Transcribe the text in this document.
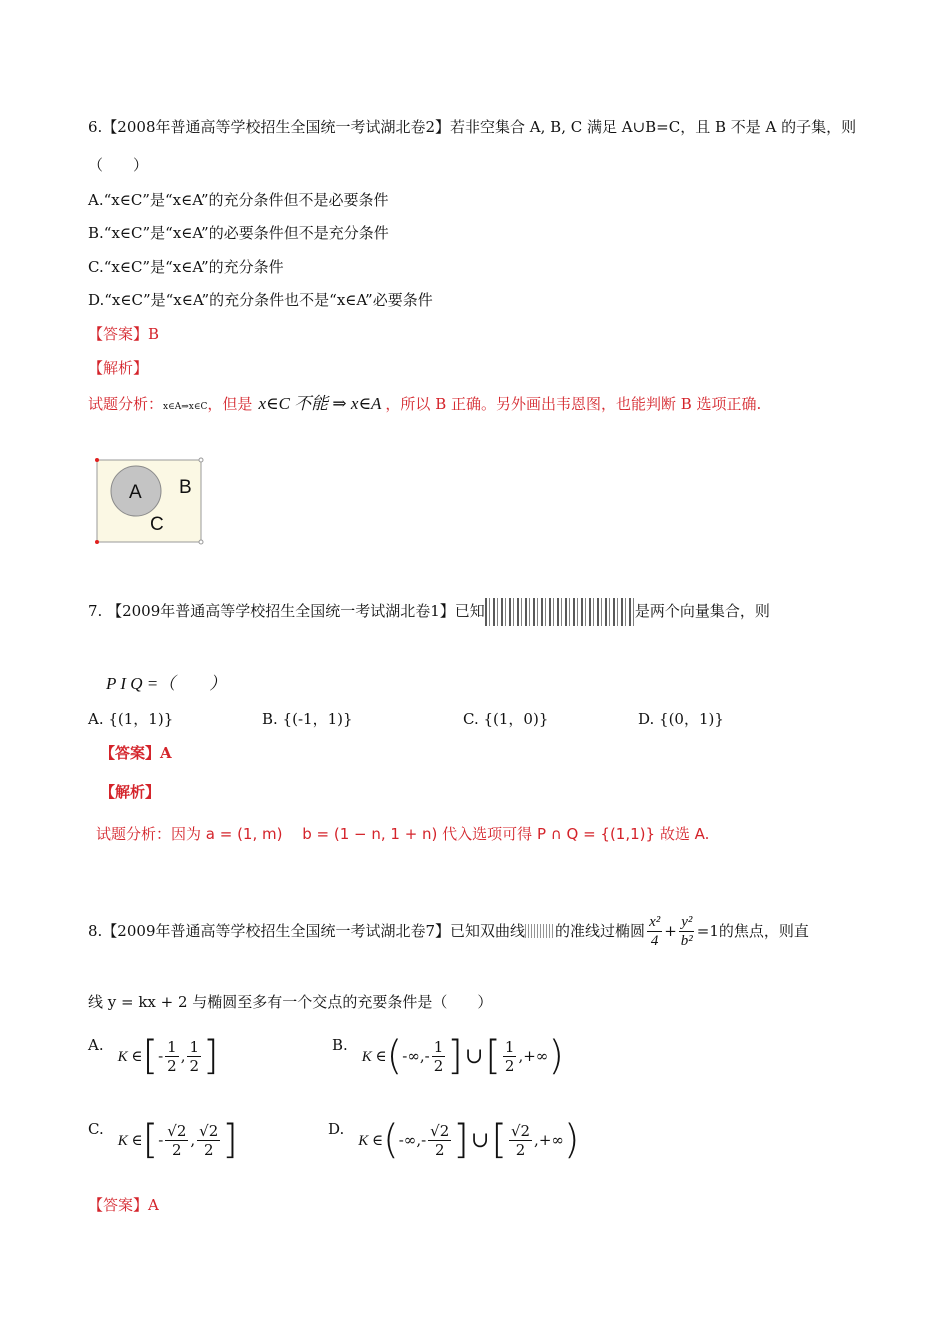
6.【2008年普通高等学校招生全国统一考试湖北卷2】若非空集合 A, B, C 满足 A∪B=C，且 B 不是 A 的子集，则
（　　）
A.“x∈C”是“x∈A”的充分条件但不是必要条件
B.“x∈C”是“x∈A”的必要条件但不是充分条件
C.“x∈C”是“x∈A”的充分条件
D.“x∈C”是“x∈A”的充分条件也不是“x∈A”必要条件
【答案】B
【解析】
试题分析：x∈A⇒x∈C，但是 x∈C 不能 ⇒ x∈A ，所以 B 正确。另外画出韦恩图，也能判断 B 选项正确.
A B
C
7. 【2009年普通高等学校招生全国统一考试湖北卷1】已知	是两个向量集合，则
P I Q =（　　）
A. {(1，1)}	B. {(-1，1)}	C. {(1，0)}	D. {(0，1)}
【答案】A
【解析】
试题分析：因为 a = (1, m)　 b = (1 − n, 1 + n) 代入选项可得 P ∩ Q = {(1,1)} 故选 A.
8.【2009年普通高等学校招生全国统一考试湖北卷7】已知双曲线 的准线过椭圆 $\frac{\text{x²}}{4} + \frac{\text{y²}}{\text{b²}} =1$ 的焦点，则直
线 y = kx + 2 与椭圆至多有一个交点的充要条件是（　　）
A.
K ∈ [ - $\frac{1}{2}$ , $\frac{1}{2}$ ]	B.
K ∈ ( -∞ , - $\frac{1}{2}$ ] ∪ [ $\frac{1}{2}$ , +∞ )
C.
K ∈ [ - $\frac{√2}{2}$ , $\frac{√2}{2}$ ]	D.
K ∈ ( -∞ , - $\frac{√2}{2}$ ] ∪ [ $\frac{√2}{2}$ , +∞ )
【答案】A
